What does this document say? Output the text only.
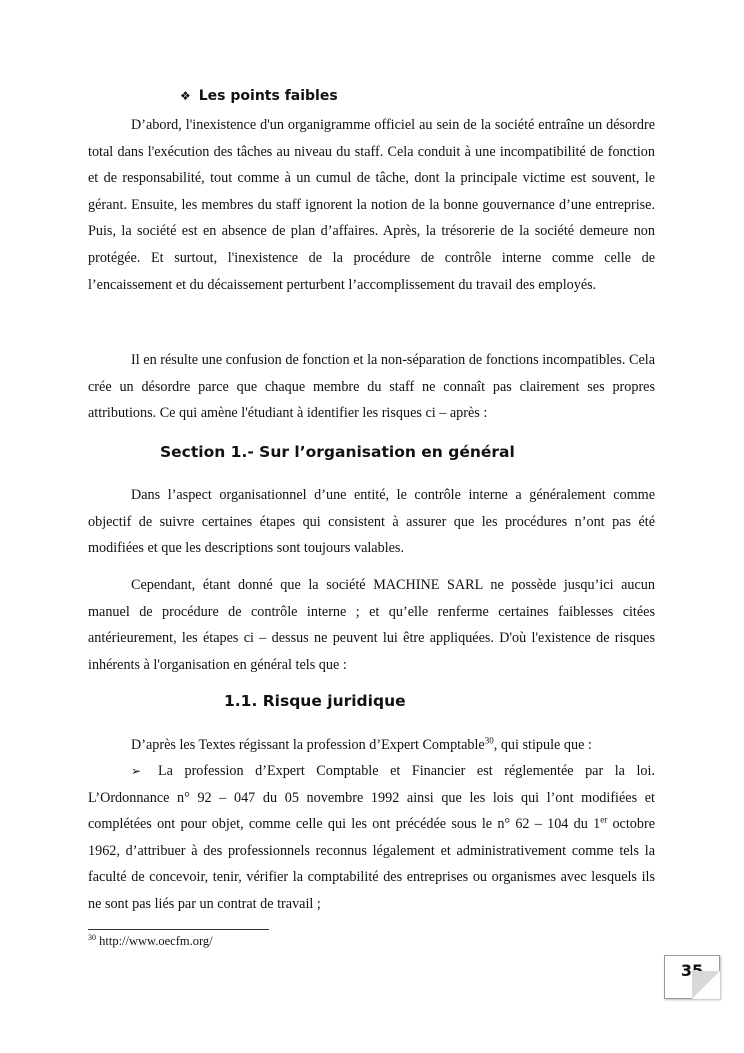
❖ Les points faibles

D’abord, l'inexistence d'un organigramme officiel au sein de la société entraîne un désordre total dans l'exécution des tâches au niveau du staff. Cela conduit à une incompatibilité de fonction et de responsabilité, tout comme à un cumul de tâche, dont la principale victime est souvent, le gérant. Ensuite, les membres du staff ignorent la notion de la bonne gouvernance d’une entreprise. Puis, la société est en absence de plan d’affaires. Après, la trésorerie de la société demeure non protégée. Et surtout, l'inexistence de la procédure de contrôle interne comme celle de l’encaissement et du décaissement perturbent l’accomplissement du travail des employés.

Il en résulte une confusion de fonction et la non-séparation de fonctions incompatibles. Cela crée un désordre parce que chaque membre du staff ne connaît pas clairement ses propres attributions. Ce qui amène l'étudiant à identifier les risques ci – après :

Section 1.- Sur l’organisation en général

Dans l’aspect organisationnel d’une entité, le contrôle interne a généralement comme objectif de suivre certaines étapes qui consistent à assurer que les procédures n’ont pas été modifiées et que les descriptions sont toujours valables.

Cependant, étant donné que la société MACHINE SARL ne possède jusqu’ici aucun manuel de procédure de contrôle interne ; et qu’elle renferme certaines faiblesses citées antérieurement, les étapes ci – dessus ne peuvent lui être appliquées. D'où l'existence de risques inhérents à l'organisation en général tels que :

1.1. Risque juridique

D’après les Textes régissant la profession d’Expert Comptable$^{30}$, qui stipule que :

➢ La profession d’Expert Comptable et Financier est réglementée par la loi. L’Ordonnance n° 92 – 047 du 05 novembre 1992 ainsi que les lois qui l’ont modifiées et complétées ont pour objet, comme celle qui les ont précédée sous le n° 62 – 104 du 1er octobre 1962, d’attribuer à des professionnels reconnus légalement et administrativement comme tels la faculté de concevoir, tenir, vérifier la comptabilité des entreprises ou organismes avec lesquels ils ne sont pas liés par un contrat de travail ;

$^{30}$ http://www.oecfm.org/
35
